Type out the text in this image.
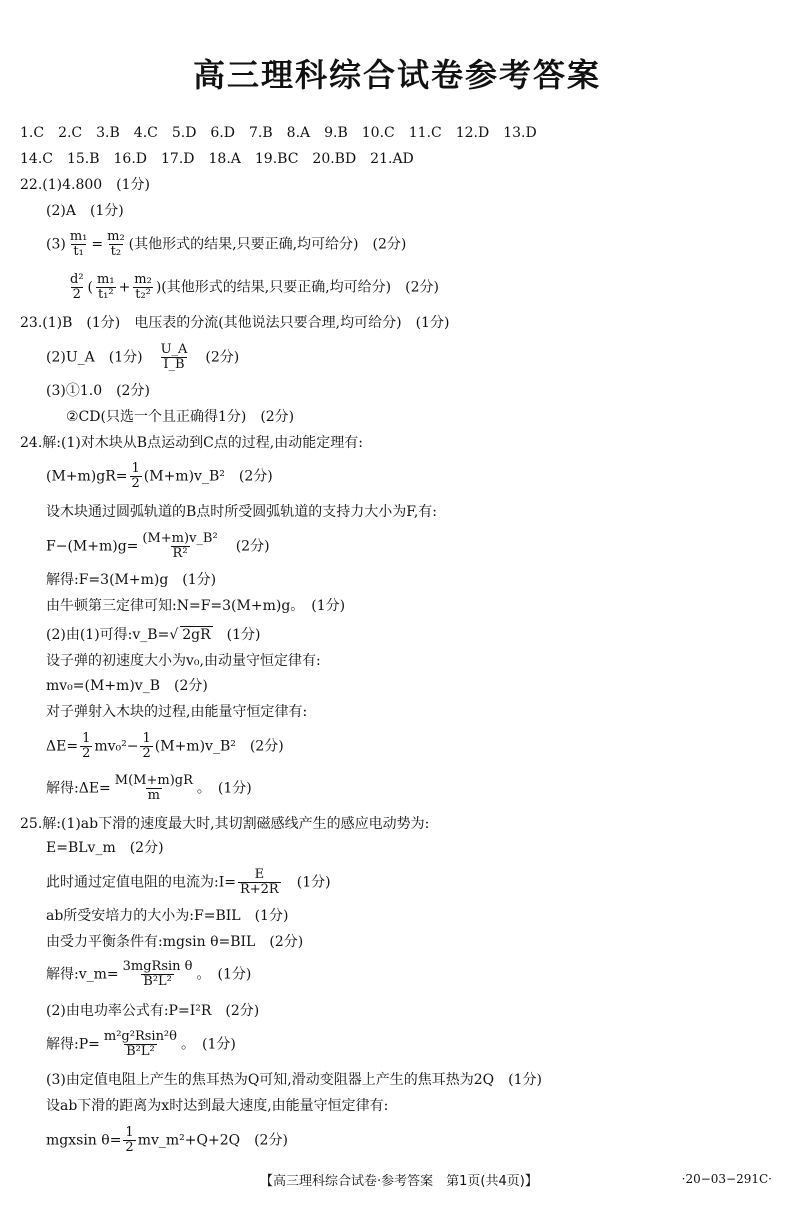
高三理科综合试卷参考答案
1.C　2.C　3.B　4.C　5.D　6.D　7.B　8.A　9.B　10.C　11.C　12.D　13.D
14.C　15.B　16.D　17.D　18.A　19.BC　20.BD　21.AD
22.(1)4.800　(1分)
(2)A　(1分)
$(3) \frac{\text{m₁}}{\text{t₁}} = \frac{\text{m₂}}{\text{t₂}}$ (其他形式的结果,只要正确,均可给分)　(2分)
$\frac{\text{d²}}{2}$ ( $\frac{\text{m₁}}{\text{t₁²}} + \frac{\text{m₂}}{\text{t₂²}}$ )(其他形式的结果,只要正确,均可给分)　(2分)
23.(1)B　(1分)　电压表的分流(其他说法只要合理,均可给分)　(1分)
(2)U_A　(1分)　 $\frac{U\_A}{I\_B}$ 　(2分)
(3)①1.0　(2分)
②CD(只选一个且正确得1分)　(2分)
24.解:(1)对木块从B点运动到C点的过程,由动能定理有:
$(M+m)gR= \frac{1}{2}$ (M+m)v_B²　(2分)
设木块通过圆弧轨道的B点时所受圆弧轨道的支持力大小为F,有:
$F-(M+m)g= \frac{\text{(M+m)v\_B²}}{\text{R²}}$ 　(2分)
解得:F=3(M+m)g　(1分)
由牛顿第三定律可知:N=F=3(M+m)g。　(1分)
(2)由(1)可得:v_B=√ 2gR　(1分)
设子弹的初速度大小为v₀,由动量守恒定律有:
mv₀=(M+m)v_B　(2分)
对子弹射入木块的过程,由能量守恒定律有:
$\Delta E= \frac{1}{2} mv_0^2- \frac{1}{2}$ (M+m)v_B²　(2分)
解得:ΔE= $\frac{M(M+m)gR}{m}$ 。　(1分)
25.解:(1)ab下滑的速度最大时,其切割磁感线产生的感应电动势为:
E=BLv_m　(2分)
此时通过定值电阻的电流为:I= $\frac{E}{R+2R}$ 　(1分)
ab所受安培力的大小为:F=BIL　(1分)
由受力平衡条件有:mgsin θ=BIL　(2分)
解得:v_m= $\frac{\text{3mgRsin θ}}{\text{B²L²}}$ 。　(1分)
(2)由电功率公式有:P=I²R　(2分)
解得:P= $\frac{\text{m²g²Rsin²θ}}{\text{B²L²}}$ 。　(1分)
(3)由定值电阻上产生的焦耳热为Q可知,滑动变阻器上产生的焦耳热为2Q　(1分)
设ab下滑的距离为x时达到最大速度,由能量守恒定律有:
mgxsin $\theta= \frac{1}{2}$ mv_m²+Q+2Q　(2分)
【高三理科综合试卷·参考答案　第1页(共4页)】	·20−03−291C·
